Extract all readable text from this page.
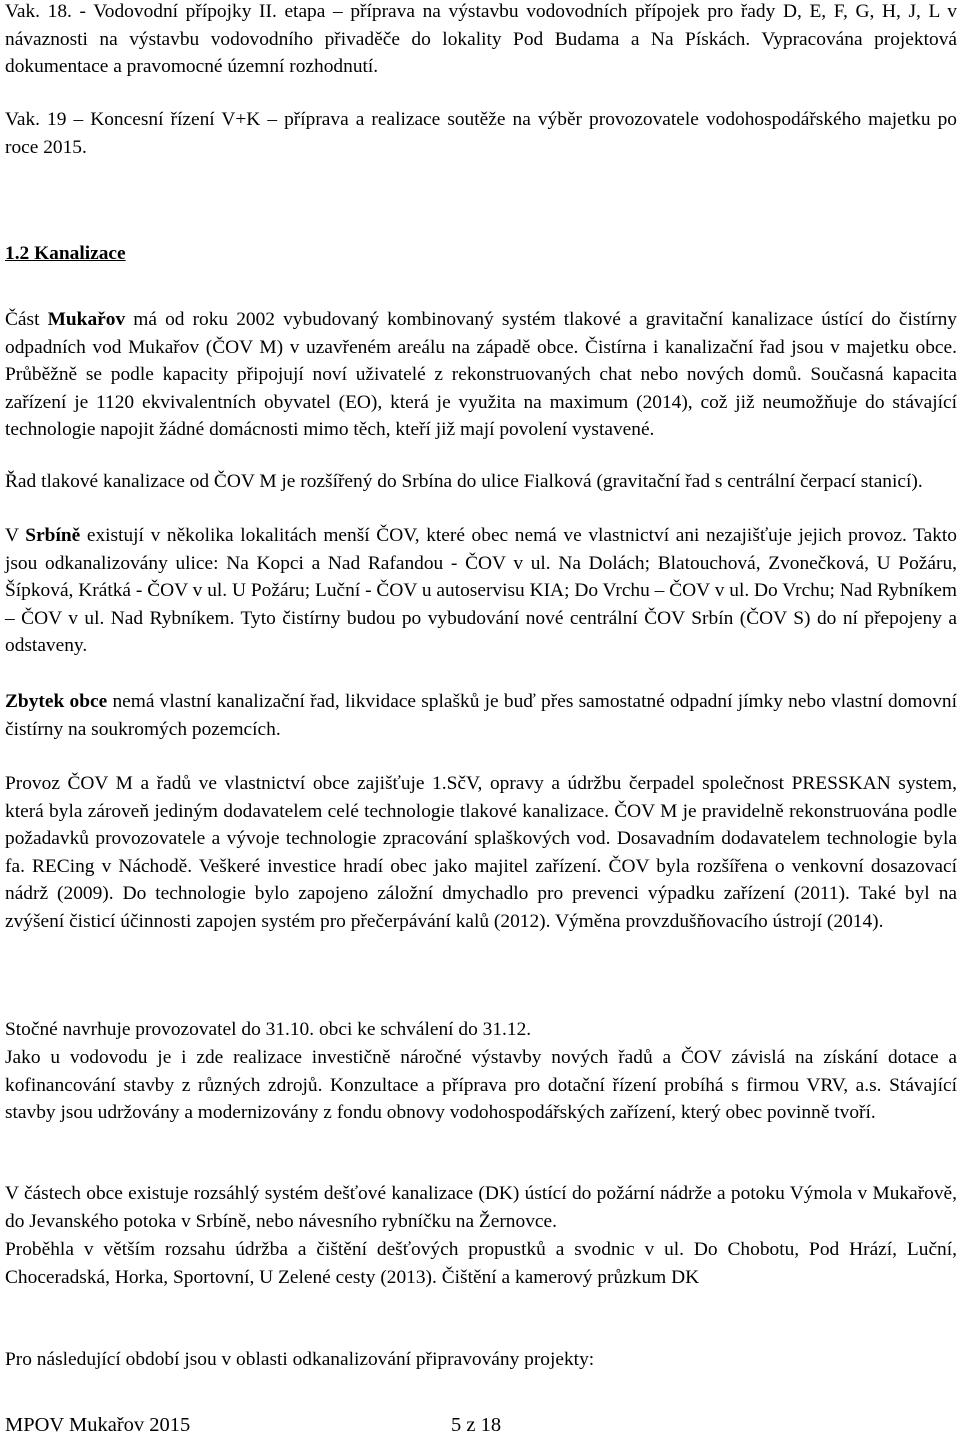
Vak. 18. - Vodovodní přípojky II. etapa – příprava na výstavbu vodovodních přípojek pro řady D, E, F, G, H, J, L v návaznosti na výstavbu vodovodního přivaděče do lokality Pod Budama a Na Pískách. Vypracována projektová dokumentace a pravomocné územní rozhodnutí.

Vak. 19 – Koncesní řízení V+K – příprava a realizace soutěže na výběr provozovatele vodohospodářského majetku po roce 2015.

1.2 Kanalizace

Část Mukařov má od roku 2002 vybudovaný kombinovaný systém tlakové a gravitační kanalizace ústící do čistírny odpadních vod Mukařov (ČOV M) v uzavřeném areálu na západě obce. Čistírna i kanalizační řad jsou v majetku obce. Průběžně se podle kapacity připojují noví uživatelé z rekonstruovaných chat nebo nových domů. Současná kapacita zařízení je 1120 ekvivalentních obyvatel (EO), která je využita na maximum (2014), což již neumožňuje do stávající technologie napojit žádné domácnosti mimo těch, kteří již mají povolení vystavené.

Řad tlakové kanalizace od ČOV M je rozšířený do Srbína do ulice Fialková (gravitační řad s centrální čerpací stanicí).

V Srbíně existují v několika lokalitách menší ČOV, které obec nemá ve vlastnictví ani nezajišťuje jejich provoz. Takto jsou odkanalizovány ulice: Na Kopci a Nad Rafandou - ČOV v ul. Na Dolách; Blatouchová, Zvonečková, U Požáru, Šípková, Krátká - ČOV v ul. U Požáru; Luční - ČOV u autoservisu KIA; Do Vrchu – ČOV v ul. Do Vrchu; Nad Rybníkem – ČOV v ul. Nad Rybníkem. Tyto čistírny budou po vybudování nové centrální ČOV Srbín (ČOV S) do ní přepojeny a odstaveny.

Zbytek obce nemá vlastní kanalizační řad, likvidace splašků je buď přes samostatné odpadní jímky nebo vlastní domovní čistírny na soukromých pozemcích.

Provoz ČOV M a řadů ve vlastnictví obce zajišťuje 1.SčV, opravy a údržbu čerpadel společnost PRESSKAN system, která byla zároveň jediným dodavatelem celé technologie tlakové kanalizace. ČOV M je pravidelně rekonstruována podle požadavků provozovatele a vývoje technologie zpracování splaškových vod. Dosavadním dodavatelem technologie byla fa. RECing v Náchodě. Veškeré investice hradí obec jako majitel zařízení. ČOV byla rozšířena o venkovní dosazovací nádrž (2009). Do technologie bylo zapojeno záložní dmychadlo pro prevenci výpadku zařízení (2011). Také byl na zvýšení čisticí účinnosti zapojen systém pro přečerpávání kalů (2012). Výměna provzdušňovacího ústrojí (2014).

Stočné navrhuje provozovatel do 31.10. obci ke schválení do 31.12.

Jako u vodovodu je i zde realizace investičně náročné výstavby nových řadů a ČOV závislá na získání dotace a kofinancování stavby z různých zdrojů. Konzultace a příprava pro dotační řízení probíhá s firmou VRV, a.s. Stávající stavby jsou udržovány a modernizovány z fondu obnovy vodohospodářských zařízení, který obec povinně tvoří.

V částech obce existuje rozsáhlý systém dešťové kanalizace (DK) ústící do požární nádrže a potoku Výmola v Mukařově, do Jevanského potoka v Srbíně, nebo návesního rybníčku na Žernovce.

Proběhla v větším rozsahu údržba a čištění dešťových propustků a svodnic v ul. Do Chobotu, Pod Hrází, Luční, Choceradská, Horka, Sportovní, U Zelené cesty (2013). Čištění a kamerový průzkum DK

Pro následující období jsou v oblasti odkanalizování připravovány projekty:

MPOV Mukařov 2015	5 z 18
